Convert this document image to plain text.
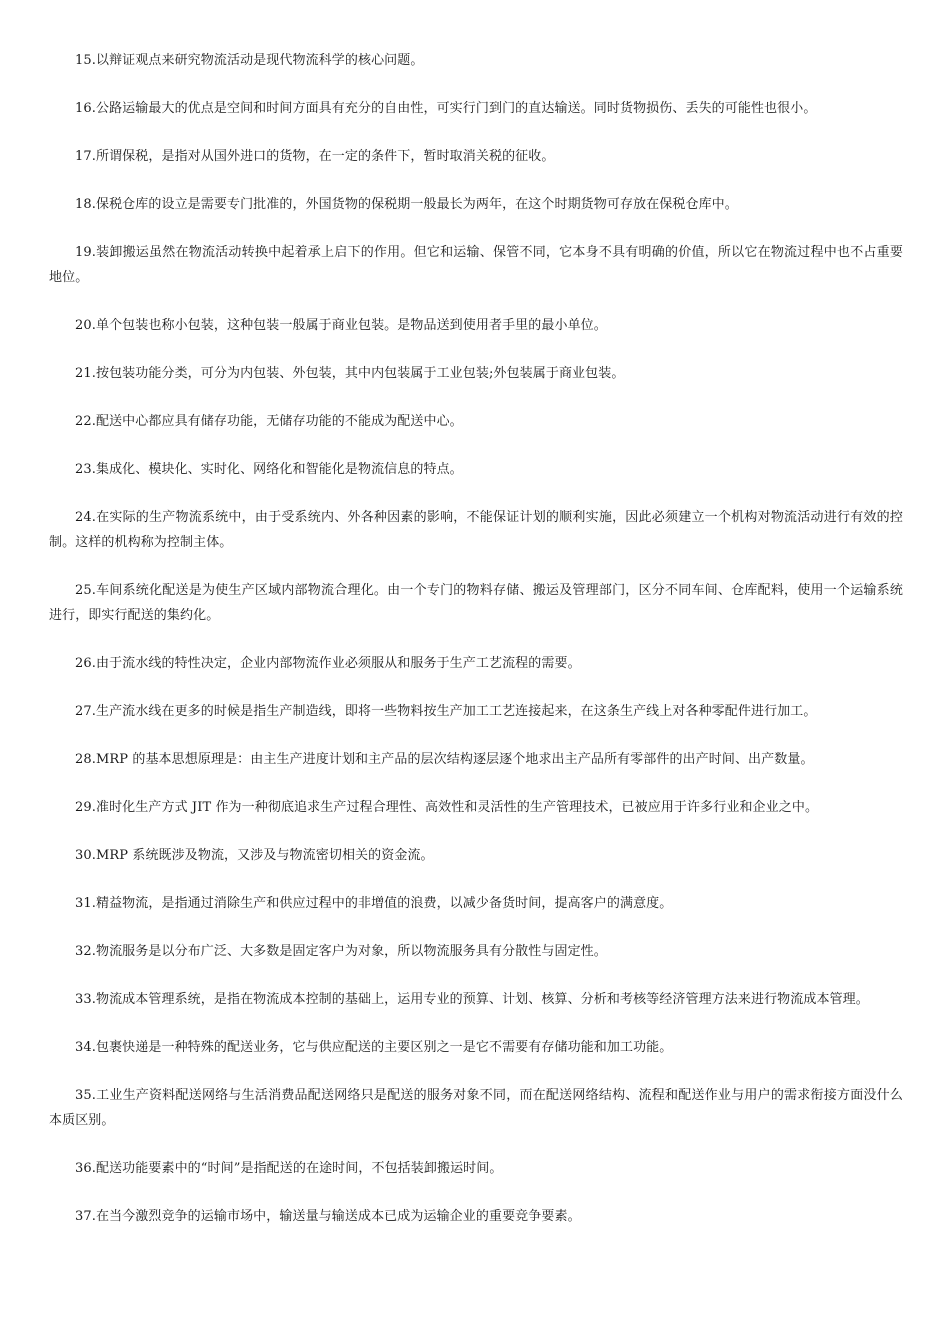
15.以辩证观点来研究物流活动是现代物流科学的核心问题。

16.公路运输最大的优点是空间和时间方面具有充分的自由性，可实行门到门的直达输送。同时货物损伤、丢失的可能性也很小。

17.所谓保税，是指对从国外进口的货物，在一定的条件下，暂时取消关税的征收。

18.保税仓库的设立是需要专门批准的，外国货物的保税期一般最长为两年，在这个时期货物可存放在保税仓库中。

19.装卸搬运虽然在物流活动转换中起着承上启下的作用。但它和运输、保管不同，它本身不具有明确的价值，所以它在物流过程中也不占重要地位。

20.单个包装也称小包装，这种包装一般属于商业包装。是物品送到使用者手里的最小单位。

21.按包装功能分类，可分为内包装、外包装，其中内包装属于工业包装;外包装属于商业包装。

22.配送中心都应具有储存功能，无储存功能的不能成为配送中心。

23.集成化、模块化、实时化、网络化和智能化是物流信息的特点。

24.在实际的生产物流系统中，由于受系统内、外各种因素的影响，不能保证计划的顺利实施，因此必须建立一个机构对物流活动进行有效的控制。这样的机构称为控制主体。

25.车间系统化配送是为使生产区域内部物流合理化。由一个专门的物料存储、搬运及管理部门，区分不同车间、仓库配料，使用一个运输系统进行，即实行配送的集约化。

26.由于流水线的特性决定，企业内部物流作业必须服从和服务于生产工艺流程的需要。

27.生产流水线在更多的时候是指生产制造线，即将一些物料按生产加工工艺连接起来，在这条生产线上对各种零配件进行加工。

28.MRP 的基本思想原理是：由主生产进度计划和主产品的层次结构逐层逐个地求出主产品所有零部件的出产时间、出产数量。

29.准时化生产方式 JIT 作为一种彻底追求生产过程合理性、高效性和灵活性的生产管理技术，已被应用于许多行业和企业之中。

30.MRP 系统既涉及物流，又涉及与物流密切相关的资金流。

31.精益物流，是指通过消除生产和供应过程中的非增值的浪费，以减少备货时间，提高客户的满意度。

32.物流服务是以分布广泛、大多数是固定客户为对象，所以物流服务具有分散性与固定性。

33.物流成本管理系统，是指在物流成本控制的基础上，运用专业的预算、计划、核算、分析和考核等经济管理方法来进行物流成本管理。

34.包裹快递是一种特殊的配送业务，它与供应配送的主要区别之一是它不需要有存储功能和加工功能。

35.工业生产资料配送网络与生活消费品配送网络只是配送的服务对象不同，而在配送网络结构、流程和配送作业与用户的需求衔接方面没什么本质区别。

36.配送功能要素中的“时间”是指配送的在途时间，不包括装卸搬运时间。

37.在当今激烈竞争的运输市场中，输送量与输送成本已成为运输企业的重要竞争要素。
